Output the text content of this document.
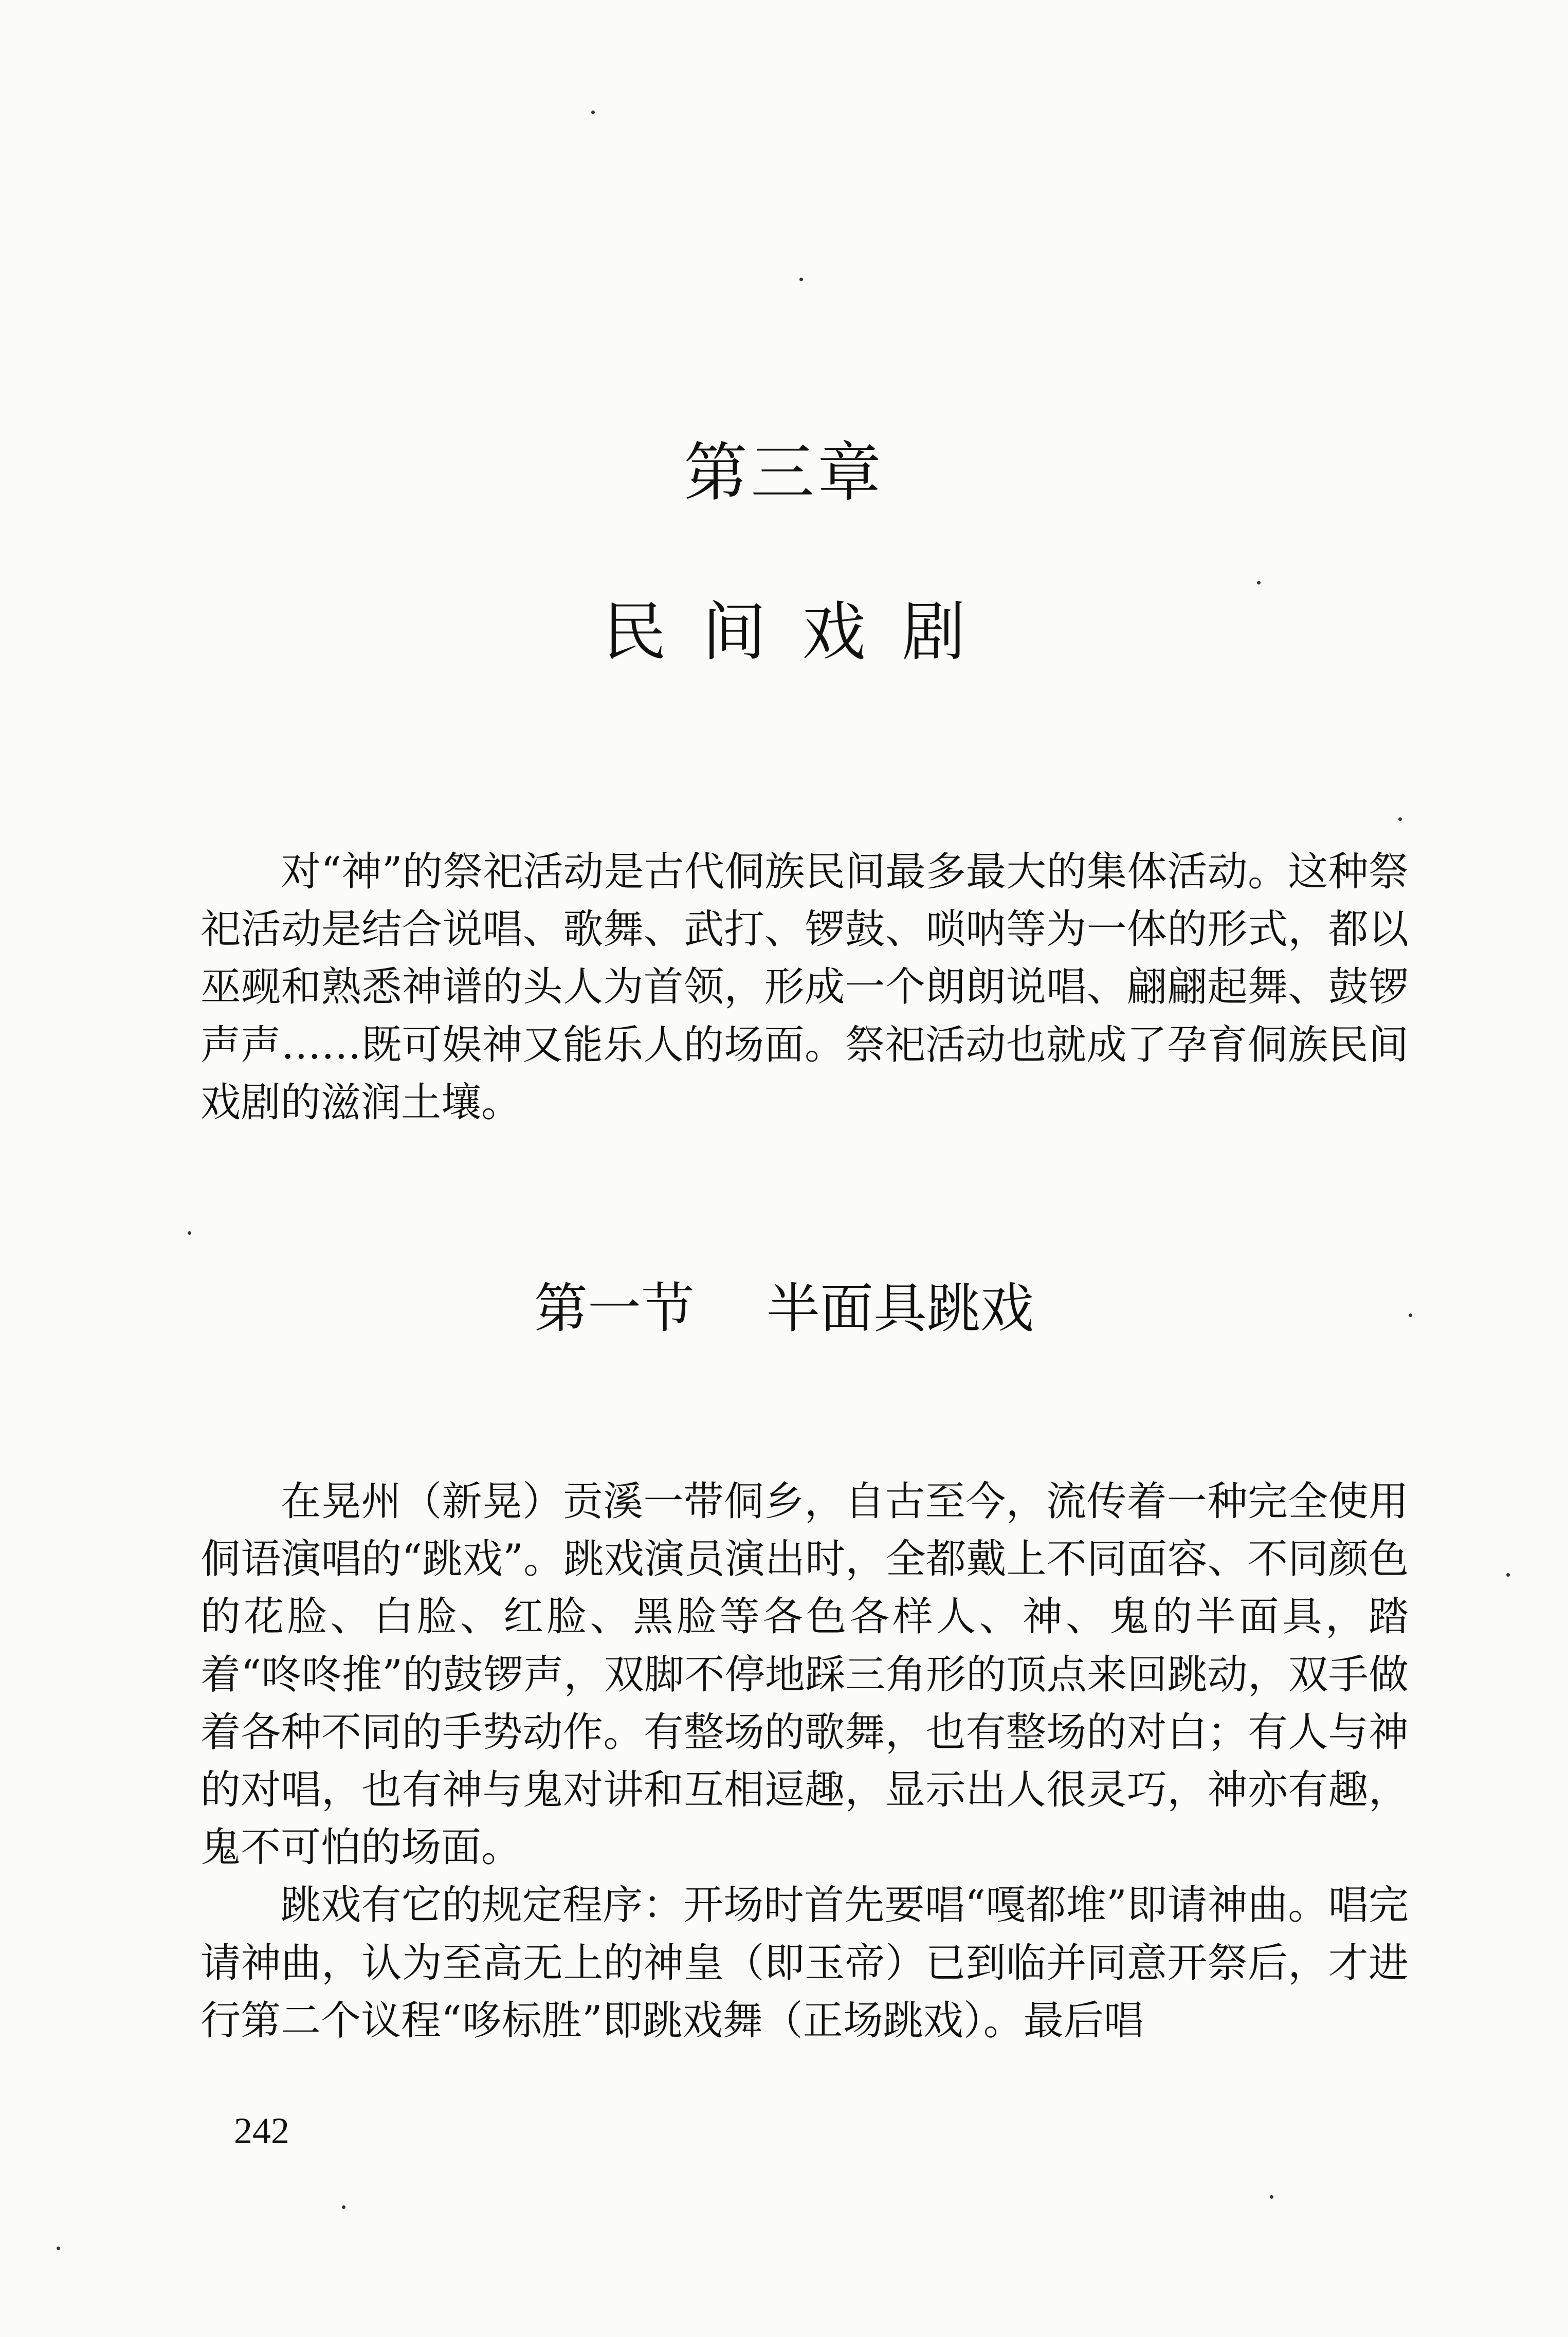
第三章
民间戏剧

对“神”的祭祀活动是古代侗族民间最多最大的集体活动。这种祭祀活动是结合说唱、歌舞、武打、锣鼓、唢呐等为一体的形式，都以巫觋和熟悉神谱的头人为首领，形成一个朗朗说唱、翩翩起舞、鼓锣声声……既可娱神又能乐人的场面。祭祀活动也就成了孕育侗族民间戏剧的滋润土壤。

第一节 半面具跳戏

在晃州（新晃）贡溪一带侗乡，自古至今，流传着一种完全使用侗语演唱的“跳戏”。跳戏演员演出时，全都戴上不同面容、不同颜色的花脸、白脸、红脸、黑脸等各色各样人、神、鬼的半面具，踏着“咚咚推”的鼓锣声，双脚不停地踩三角形的顶点来回跳动，双手做着各种不同的手势动作。有整场的歌舞，也有整场的对白；有人与神的对唱，也有神与鬼对讲和互相逗趣，显示出人很灵巧，神亦有趣，鬼不可怕的场面。

跳戏有它的规定程序：开场时首先要唱“嘎都堆”即请神曲。唱完请神曲，认为至高无上的神皇（即玉帝）已到临并同意开祭后，才进行第二个议程“哆标胜”即跳戏舞（正场跳戏）。最后唱

242
